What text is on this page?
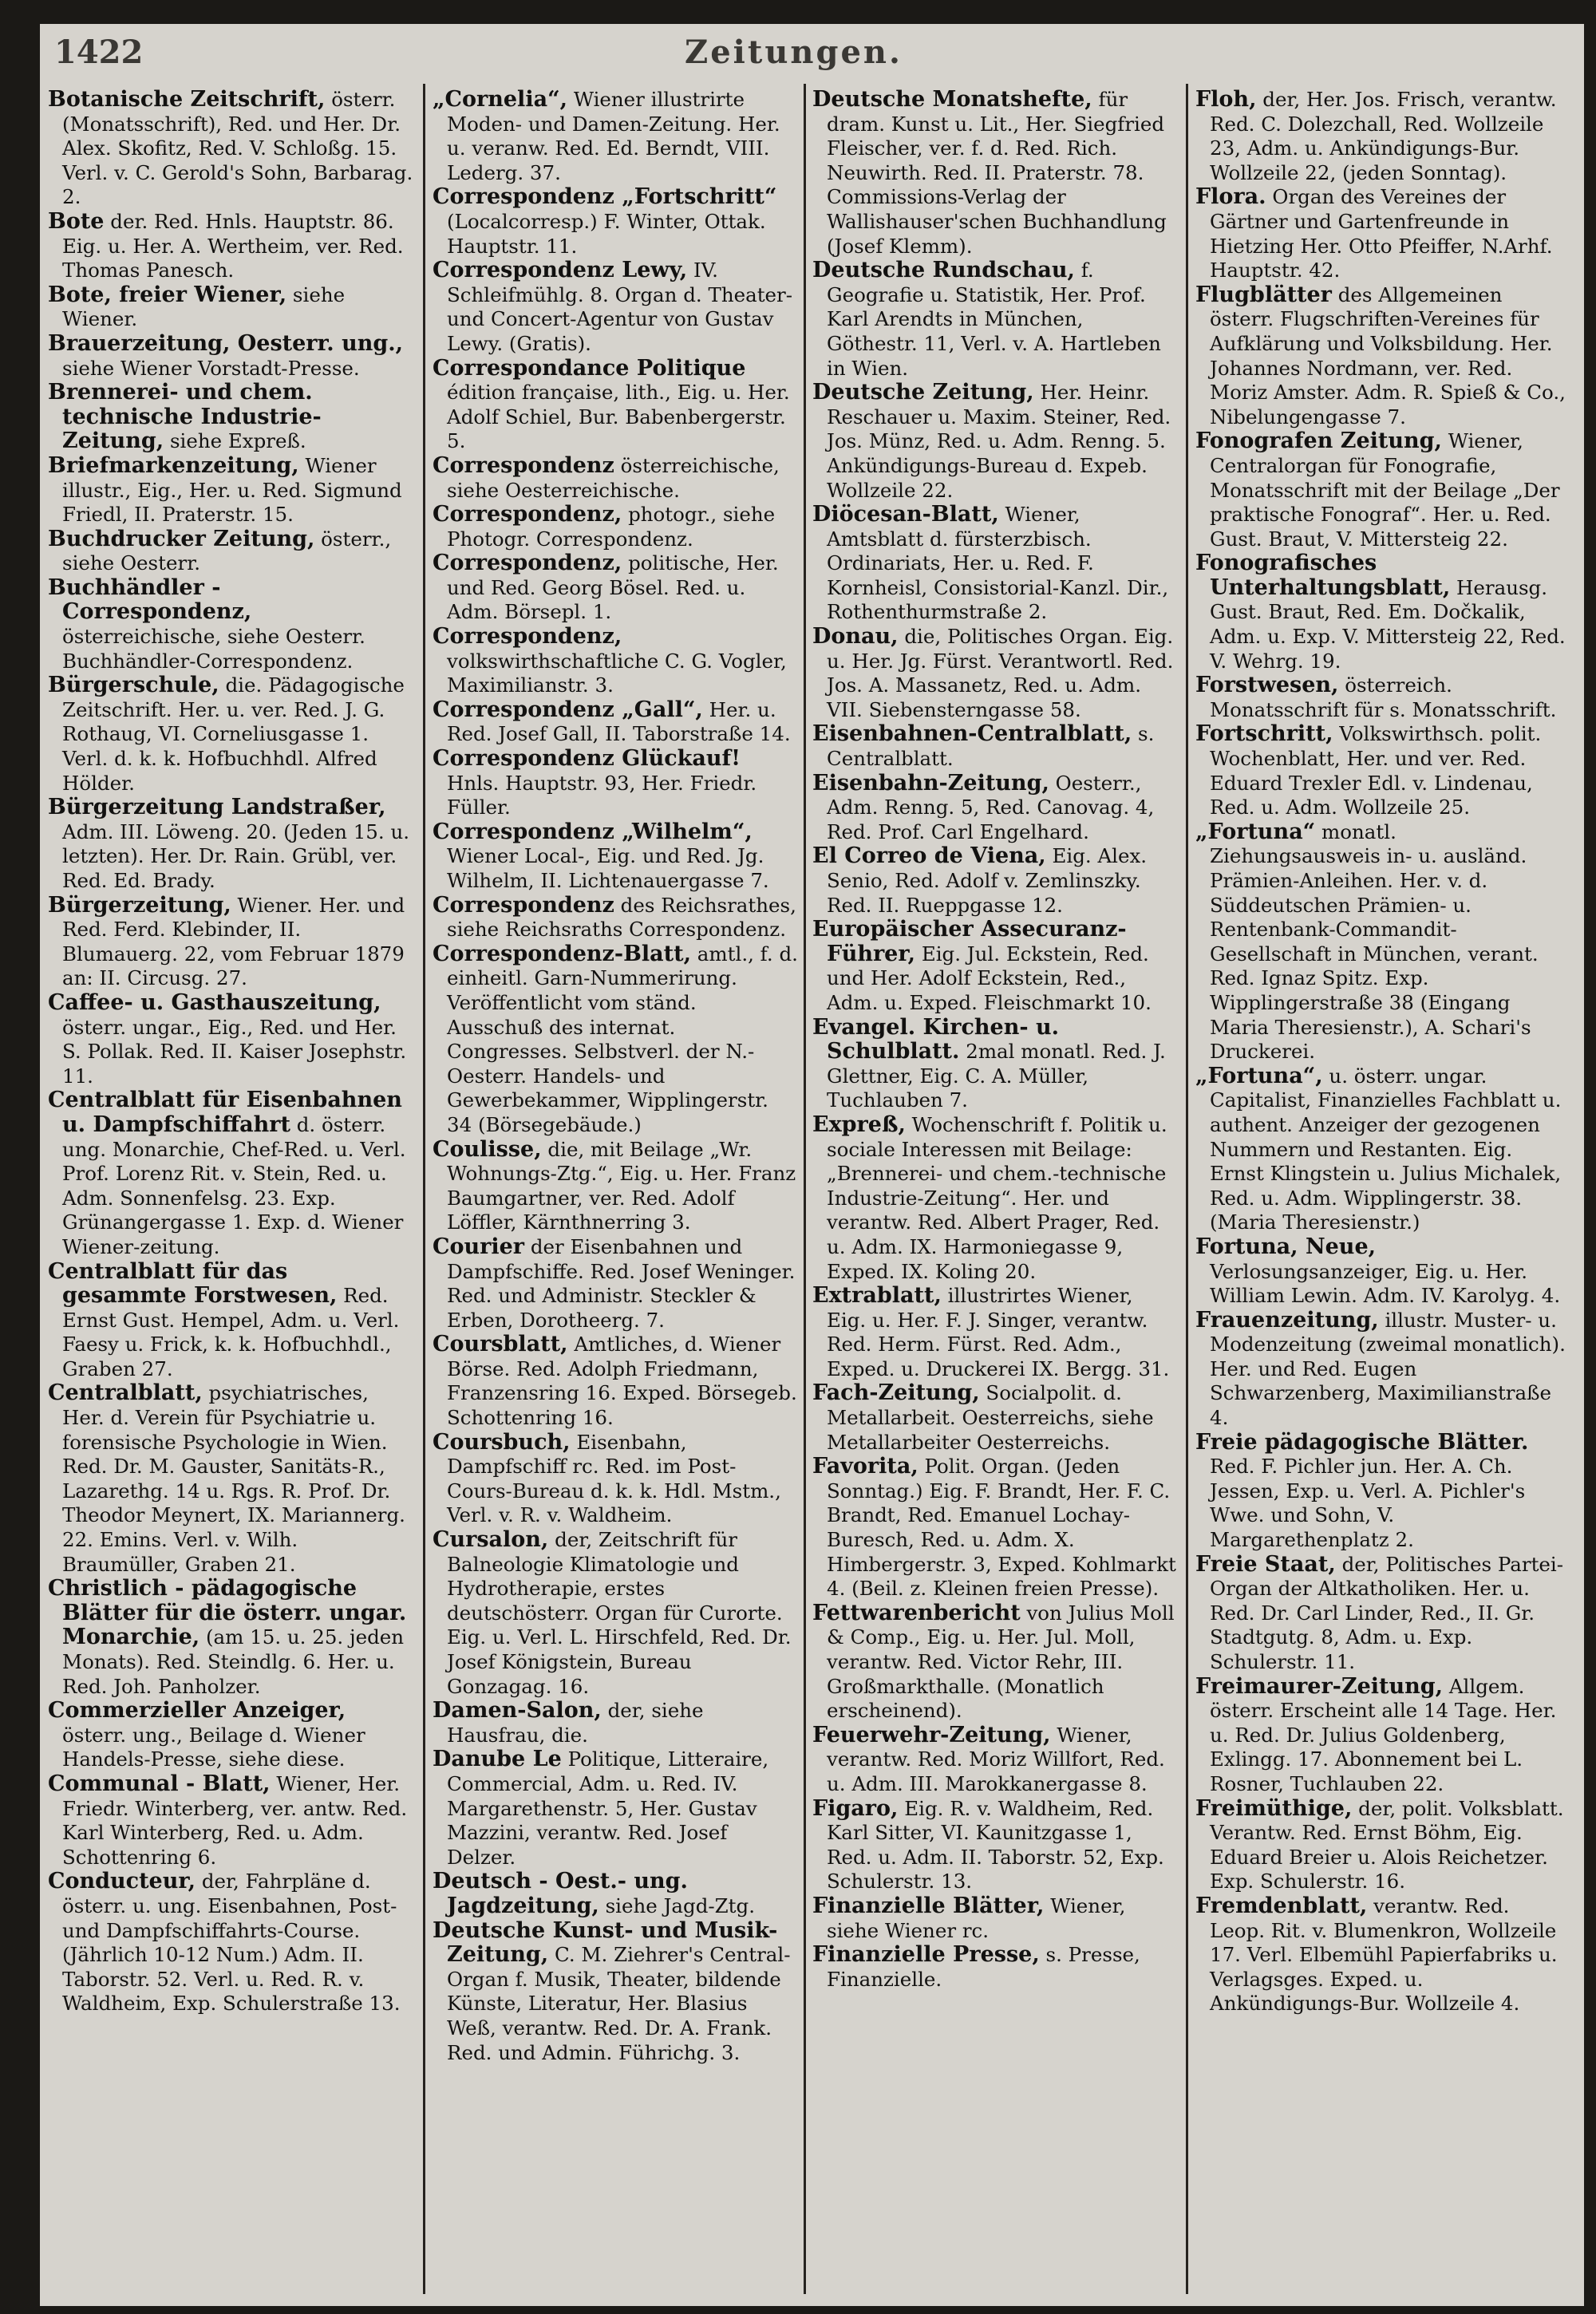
1422	Zeitungen.

Botanische Zeitschrift, österr. (Monatsschrift), Red. und Her. Dr. Alex. Skofitz, Red. V. Schloßg. 15. Verl. v. C. Gerold's Sohn, Barbarag. 2.

Bote der. Red. Hnls. Hauptstr. 86. Eig. u. Her. A. Wertheim, ver. Red. Thomas Panesch.

Bote, freier Wiener, siehe Wiener.

Brauerzeitung, Oesterr. ung., siehe Wiener Vorstadt-Presse.

Brennerei- und chem. technische Industrie-Zeitung, siehe Expreß.

Briefmarkenzeitung, Wiener illustr., Eig., Her. u. Red. Sigmund Friedl, II. Praterstr. 15.

Buchdrucker Zeitung, österr., siehe Oesterr.

Buchhändler - Correspondenz, österreichische, siehe Oesterr. Buchhändler-Correspondenz.

Bürgerschule, die. Pädagogische Zeitschrift. Her. u. ver. Red. J. G. Rothaug, VI. Corneliusgasse 1. Verl. d. k. k. Hofbuchhdl. Alfred Hölder.

Bürgerzeitung Landstraßer, Adm. III. Löweng. 20. (Jeden 15. u. letzten). Her. Dr. Rain. Grübl, ver. Red. Ed. Brady.

Bürgerzeitung, Wiener. Her. und Red. Ferd. Klebinder, II. Blumauerg. 22, vom Februar 1879 an: II. Circusg. 27.

Caffee- u. Gasthauszeitung, österr. ungar., Eig., Red. und Her. S. Pollak. Red. II. Kaiser Josephstr. 11.

Centralblatt für Eisenbahnen u. Dampfschiffahrt d. österr. ung. Monarchie, Chef-Red. u. Verl. Prof. Lorenz Rit. v. Stein, Red. u. Adm. Sonnenfelsg. 23. Exp. Grünangergasse 1. Exp. d. Wiener Wiener-zeitung.

Centralblatt für das gesammte Forstwesen, Red. Ernst Gust. Hempel, Adm. u. Verl. Faesy u. Frick, k. k. Hofbuchhdl., Graben 27.

Centralblatt, psychiatrisches, Her. d. Verein für Psychiatrie u. forensische Psychologie in Wien. Red. Dr. M. Gauster, Sanitäts-R., Lazarethg. 14 u. Rgs. R. Prof. Dr. Theodor Meynert, IX. Mariannerg. 22. Emins. Verl. v. Wilh. Braumüller, Graben 21.

Christlich - pädagogische Blätter für die österr. ungar. Monarchie, (am 15. u. 25. jeden Monats). Red. Steindlg. 6. Her. u. Red. Joh. Panholzer.

Commerzieller Anzeiger, österr. ung., Beilage d. Wiener Handels-Presse, siehe diese.

Communal - Blatt, Wiener, Her. Friedr. Winterberg, ver. antw. Red. Karl Winterberg, Red. u. Adm. Schottenring 6.

Conducteur, der, Fahrpläne d. österr. u. ung. Eisenbahnen, Post- und Dampfschiffahrts-Course. (Jährlich 10-12 Num.) Adm. II. Taborstr. 52. Verl. u. Red. R. v. Waldheim, Exp. Schulerstraße 13.

„Cornelia“, Wiener illustrirte Moden- und Damen-Zeitung. Her. u. veranw. Red. Ed. Berndt, VIII. Lederg. 37.

Correspondenz „Fortschritt“ (Localcorresp.) F. Winter, Ottak. Hauptstr. 11.

Correspondenz Lewy, IV. Schleifmühlg. 8. Organ d. Theater- und Concert-Agentur von Gustav Lewy. (Gratis).

Correspondance Politique édition française, lith., Eig. u. Her. Adolf Schiel, Bur. Babenbergerstr. 5.

Correspondenz österreichische, siehe Oesterreichische.

Correspondenz, photogr., siehe Photogr. Correspondenz.

Correspondenz, politische, Her. und Red. Georg Bösel. Red. u. Adm. Börsepl. 1.

Correspondenz, volkswirthschaftliche C. G. Vogler, Maximilianstr. 3.

Correspondenz „Gall“, Her. u. Red. Josef Gall, II. Taborstraße 14.

Correspondenz Glückauf! Hnls. Hauptstr. 93, Her. Friedr. Füller.

Correspondenz „Wilhelm“, Wiener Local-, Eig. und Red. Jg. Wilhelm, II. Lichtenauergasse 7.

Correspondenz des Reichsrathes, siehe Reichsraths Correspondenz.

Correspondenz-Blatt, amtl., f. d. einheitl. Garn-Nummerirung. Veröffentlicht vom ständ. Ausschuß des internat. Congresses. Selbstverl. der N.-Oesterr. Handels- und Gewerbekammer, Wipplingerstr. 34 (Börsegebäude.)

Coulisse, die, mit Beilage „Wr. Wohnungs-Ztg.“, Eig. u. Her. Franz Baumgartner, ver. Red. Adolf Löffler, Kärnthnerring 3.

Courier der Eisenbahnen und Dampfschiffe. Red. Josef Weninger. Red. und Administr. Steckler & Erben, Dorotheerg. 7.

Coursblatt, Amtliches, d. Wiener Börse. Red. Adolph Friedmann, Franzensring 16. Exped. Börsegeb. Schottenring 16.

Coursbuch, Eisenbahn, Dampfschiff rc. Red. im Post-Cours-Bureau d. k. k. Hdl. Mstm., Verl. v. R. v. Waldheim.

Cursalon, der, Zeitschrift für Balneologie Klimatologie und Hydrotherapie, erstes deutschösterr. Organ für Curorte. Eig. u. Verl. L. Hirschfeld, Red. Dr. Josef Königstein, Bureau Gonzagag. 16.

Damen-Salon, der, siehe Hausfrau, die.

Danube Le Politique, Litteraire, Commercial, Adm. u. Red. IV. Margarethenstr. 5, Her. Gustav Mazzini, verantw. Red. Josef Delzer.

Deutsch - Oest.- ung. Jagdzeitung, siehe Jagd-Ztg.

Deutsche Kunst- und Musik-Zeitung, C. M. Ziehrer's Central-Organ f. Musik, Theater, bildende Künste, Literatur, Her. Blasius Weß, verantw. Red. Dr. A. Frank. Red. und Admin. Führichg. 3.

Deutsche Monatshefte, für dram. Kunst u. Lit., Her. Siegfried Fleischer, ver. f. d. Red. Rich. Neuwirth. Red. II. Praterstr. 78. Commissions-Verlag der Wallishauser'schen Buchhandlung (Josef Klemm).

Deutsche Rundschau, f. Geografie u. Statistik, Her. Prof. Karl Arendts in München, Göthestr. 11, Verl. v. A. Hartleben in Wien.

Deutsche Zeitung, Her. Heinr. Reschauer u. Maxim. Steiner, Red. Jos. Münz, Red. u. Adm. Renng. 5. Ankündigungs-Bureau d. Expeb. Wollzeile 22.

Diöcesan-Blatt, Wiener, Amtsblatt d. fürsterzbisch. Ordinariats, Her. u. Red. F. Kornheisl, Consistorial-Kanzl. Dir., Rothenthurmstraße 2.

Donau, die, Politisches Organ. Eig. u. Her. Jg. Fürst. Verantwortl. Red. Jos. A. Massanetz, Red. u. Adm. VII. Siebensterngasse 58.

Eisenbahnen-Centralblatt, s. Centralblatt.

Eisenbahn-Zeitung, Oesterr., Adm. Renng. 5, Red. Canovag. 4, Red. Prof. Carl Engelhard.

El Correo de Viena, Eig. Alex. Senio, Red. Adolf v. Zemlinszky. Red. II. Rueppgasse 12.

Europäischer Assecuranz-Führer, Eig. Jul. Eckstein, Red. und Her. Adolf Eckstein, Red., Adm. u. Exped. Fleischmarkt 10.

Evangel. Kirchen- u. Schulblatt. 2mal monatl. Red. J. Glettner, Eig. C. A. Müller, Tuchlauben 7.

Expreß, Wochenschrift f. Politik u. sociale Interessen mit Beilage: „Brennerei- und chem.-technische Industrie-Zeitung“. Her. und verantw. Red. Albert Prager, Red. u. Adm. IX. Harmoniegasse 9, Exped. IX. Koling 20.

Extrablatt, illustrirtes Wiener, Eig. u. Her. F. J. Singer, verantw. Red. Herm. Fürst. Red. Adm., Exped. u. Druckerei IX. Bergg. 31.

Fach-Zeitung, Socialpolit. d. Metallarbeit. Oesterreichs, siehe Metallarbeiter Oesterreichs.

Favorita, Polit. Organ. (Jeden Sonntag.) Eig. F. Brandt, Her. F. C. Brandt, Red. Emanuel Lochay-Buresch, Red. u. Adm. X. Himbergerstr. 3, Exped. Kohlmarkt 4. (Beil. z. Kleinen freien Presse).

Fettwarenbericht von Julius Moll & Comp., Eig. u. Her. Jul. Moll, verantw. Red. Victor Rehr, III. Großmarkthalle. (Monatlich erscheinend).

Feuerwehr-Zeitung, Wiener, verantw. Red. Moriz Willfort, Red. u. Adm. III. Marokkanergasse 8.

Figaro, Eig. R. v. Waldheim, Red. Karl Sitter, VI. Kaunitzgasse 1, Red. u. Adm. II. Taborstr. 52, Exp. Schulerstr. 13.

Finanzielle Blätter, Wiener, siehe Wiener rc.

Finanzielle Presse, s. Presse, Finanzielle.

Floh, der, Her. Jos. Frisch, verantw. Red. C. Dolezchall, Red. Wollzeile 23, Adm. u. Ankündigungs-Bur. Wollzeile 22, (jeden Sonntag).

Flora. Organ des Vereines der Gärtner und Gartenfreunde in Hietzing Her. Otto Pfeiffer, N.Arhf. Hauptstr. 42.

Flugblätter des Allgemeinen österr. Flugschriften-Vereines für Aufklärung und Volksbildung. Her. Johannes Nordmann, ver. Red. Moriz Amster. Adm. R. Spieß & Co., Nibelungengasse 7.

Fonografen Zeitung, Wiener, Centralorgan für Fonografie, Monatsschrift mit der Beilage „Der praktische Fonograf“. Her. u. Red. Gust. Braut, V. Mittersteig 22.

Fonografisches Unterhaltungsblatt, Herausg. Gust. Braut, Red. Em. Dočkalik, Adm. u. Exp. V. Mittersteig 22, Red. V. Wehrg. 19.

Forstwesen, österreich. Monatsschrift für s. Monatsschrift.

Fortschritt, Volkswirthsch. polit. Wochenblatt, Her. und ver. Red. Eduard Trexler Edl. v. Lindenau, Red. u. Adm. Wollzeile 25.

„Fortuna“ monatl. Ziehungsausweis in- u. ausländ. Prämien-Anleihen. Her. v. d. Süddeutschen Prämien- u. Rentenbank-Commandit-Gesellschaft in München, verant. Red. Ignaz Spitz. Exp. Wipplingerstraße 38 (Eingang Maria Theresienstr.), A. Schari's Druckerei.

„Fortuna“, u. österr. ungar. Capitalist, Finanzielles Fachblatt u. authent. Anzeiger der gezogenen Nummern und Restanten. Eig. Ernst Klingstein u. Julius Michalek, Red. u. Adm. Wipplingerstr. 38. (Maria Theresienstr.)

Fortuna, Neue, Verlosungsanzeiger, Eig. u. Her. William Lewin. Adm. IV. Karolyg. 4.

Frauenzeitung, illustr. Muster- u. Modenzeitung (zweimal monatlich). Her. und Red. Eugen Schwarzenberg, Maximilianstraße 4.

Freie pädagogische Blätter. Red. F. Pichler jun. Her. A. Ch. Jessen, Exp. u. Verl. A. Pichler's Wwe. und Sohn, V. Margarethenplatz 2.

Freie Staat, der, Politisches Partei-Organ der Altkatholiken. Her. u. Red. Dr. Carl Linder, Red., II. Gr. Stadtgutg. 8, Adm. u. Exp. Schulerstr. 11.

Freimaurer-Zeitung, Allgem. österr. Erscheint alle 14 Tage. Her. u. Red. Dr. Julius Goldenberg, Exlingg. 17. Abonnement bei L. Rosner, Tuchlauben 22.

Freimüthige, der, polit. Volksblatt. Verantw. Red. Ernst Böhm, Eig. Eduard Breier u. Alois Reichetzer. Exp. Schulerstr. 16.

Fremdenblatt, verantw. Red. Leop. Rit. v. Blumenkron, Wollzeile 17. Verl. Elbemühl Papierfabriks u. Verlagsges. Exped. u. Ankündigungs-Bur. Wollzeile 4.
